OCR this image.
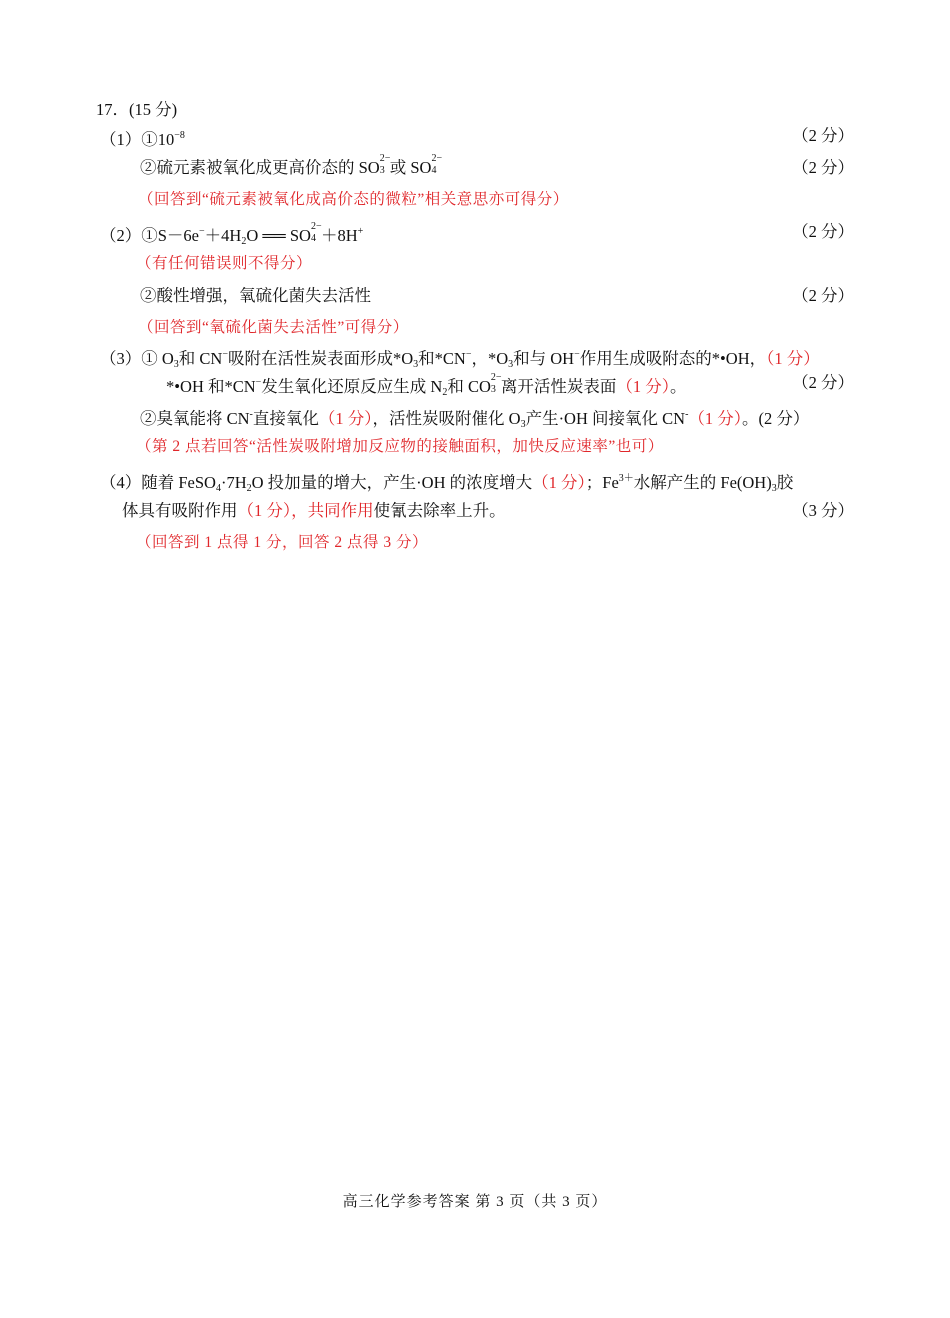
17．(15 分)
$(1)①10^{-8}$	（2 分）
②硫元素被氧化成更高价态的 SO 2−
3 或 SO 2−
4	（2 分）
（回答到“硫元素被氧化成高价态的微粒”相关意思亦可得分）
$(2)①S-6e^-+4H_2O$ ══ SO 2−
4 ＋8H+	（2 分）
（有任何错误则不得分）
②酸性增强，氧硫化菌失去活性	（2 分）
（回答到“氧硫化菌失去活性”可得分）
（3）① $O_3$和 CN−吸附在活性炭表面形成$*O_3$和*CN−，$*O_3$和与 OH−作用生成吸附态的*•OH，（1 分）
*•OH 和*CN−发生氧化还原反应生成 $N_2$和 CO 2−
3 离开活性炭表面（1 分）。	（2 分）
②臭氧能将 CN-直接氧化（1 分），活性炭吸附催化 $O_3$产生·OH 间接氧化 CN-（1 分）。(2 分）
（第 2 点若回答“活性炭吸附增加反应物的接触面积，加快反应速率”也可）
（4）随着 $FeSO_4\cdot 7H_2O$ 投加量的增大，产生·OH 的浓度增大（1 分）；$Fe^{3+}$水解产生的 $Fe(OH)_3$胶
体具有吸附作用（1 分），共同作用使氰去除率上升。	（3 分）
（回答到 1 点得 1 分，回答 2 点得 3 分）
高三化学参考答案 第 3 页（共 3 页）
